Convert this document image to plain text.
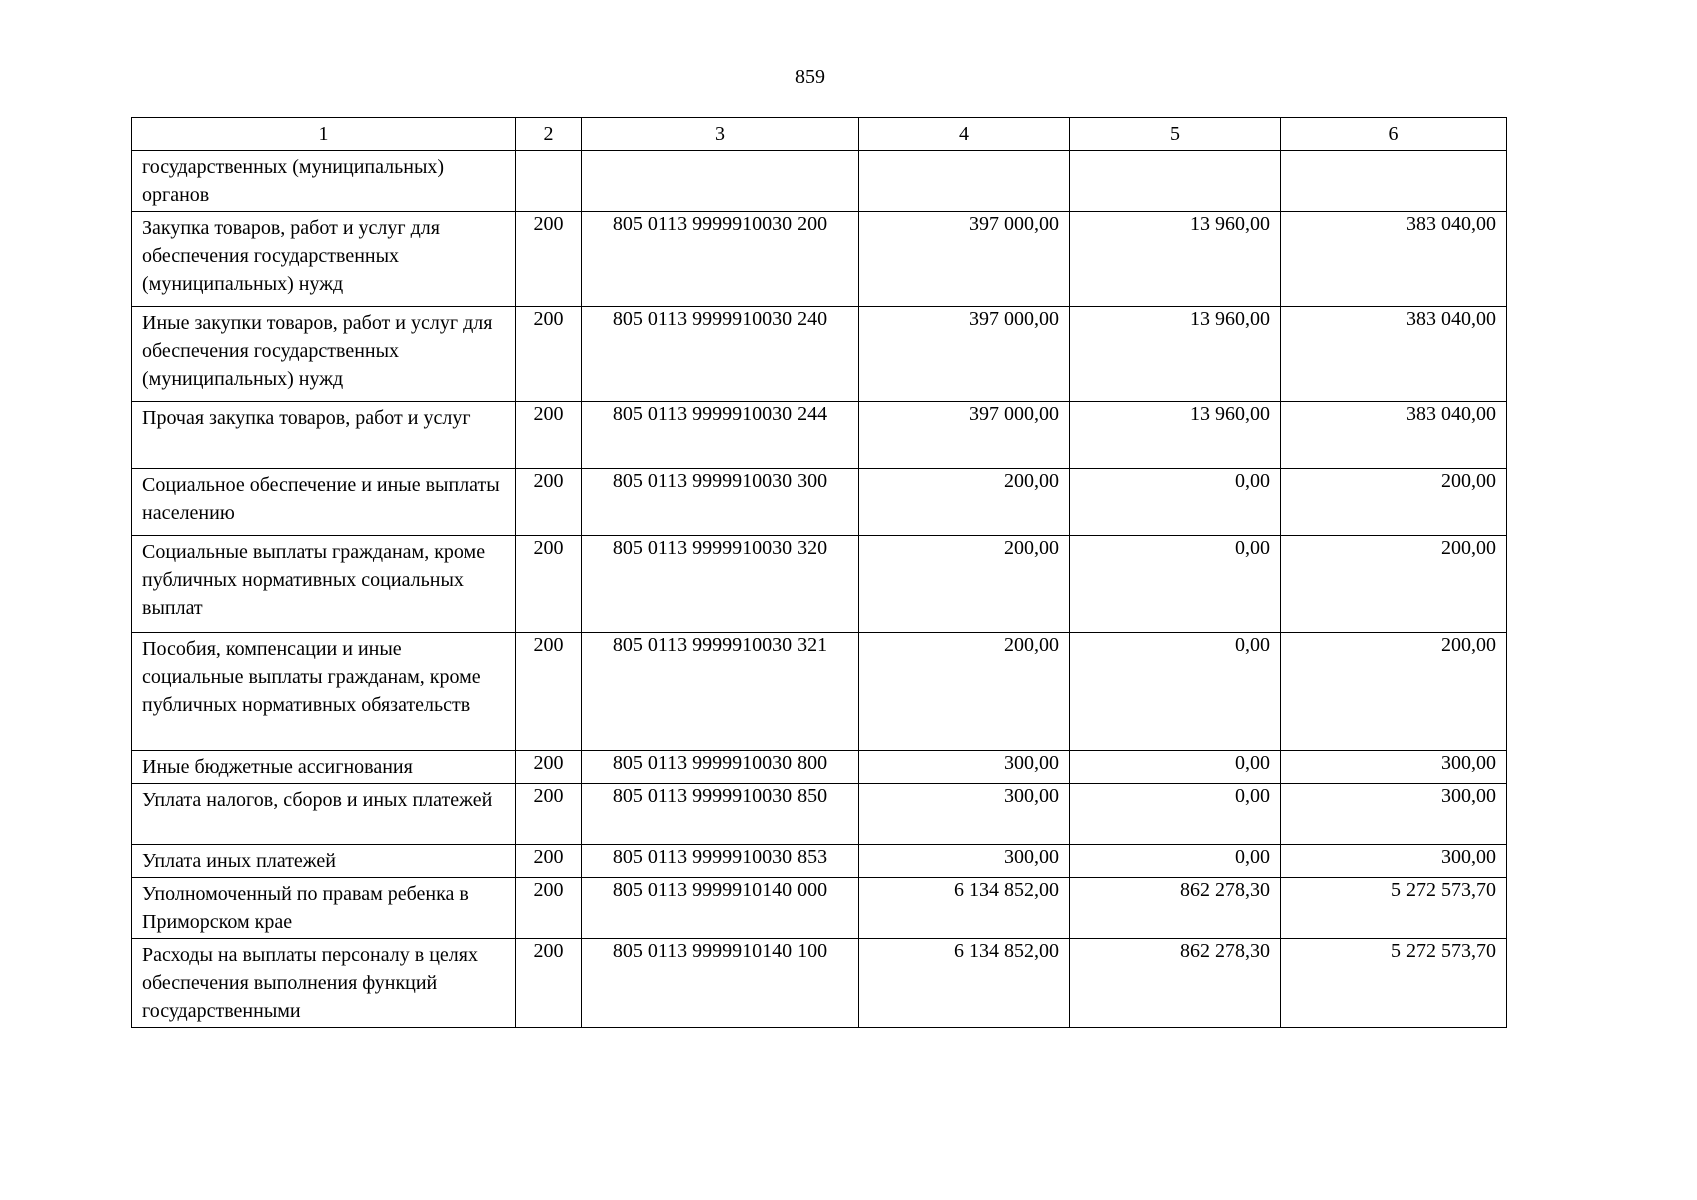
859
1	2	3	4	5	6
государственных (муниципальных) органов					
Закупка товаров, работ и услуг для обеспечения государственных (муниципальных) нужд	200	805 0113 9999910030 200	397 000,00	13 960,00	383 040,00
Иные закупки товаров, работ и услуг для обеспечения государственных (муниципальных) нужд	200	805 0113 9999910030 240	397 000,00	13 960,00	383 040,00
Прочая закупка товаров, работ и услуг	200	805 0113 9999910030 244	397 000,00	13 960,00	383 040,00
Социальное обеспечение и иные выплаты населению	200	805 0113 9999910030 300	200,00	0,00	200,00
Социальные выплаты гражданам, кроме публичных нормативных социальных выплат	200	805 0113 9999910030 320	200,00	0,00	200,00
Пособия, компенсации и иные социальные выплаты гражданам, кроме публичных нормативных обязательств	200	805 0113 9999910030 321	200,00	0,00	200,00
Иные бюджетные ассигнования	200	805 0113 9999910030 800	300,00	0,00	300,00
Уплата налогов, сборов и иных платежей	200	805 0113 9999910030 850	300,00	0,00	300,00
Уплата иных платежей	200	805 0113 9999910030 853	300,00	0,00	300,00
Уполномоченный по правам ребенка в Приморском крае	200	805 0113 9999910140 000	6 134 852,00	862 278,30	5 272 573,70
Расходы на выплаты персоналу в целях обеспечения выполнения функций государственными	200	805 0113 9999910140 100	6 134 852,00	862 278,30	5 272 573,70
